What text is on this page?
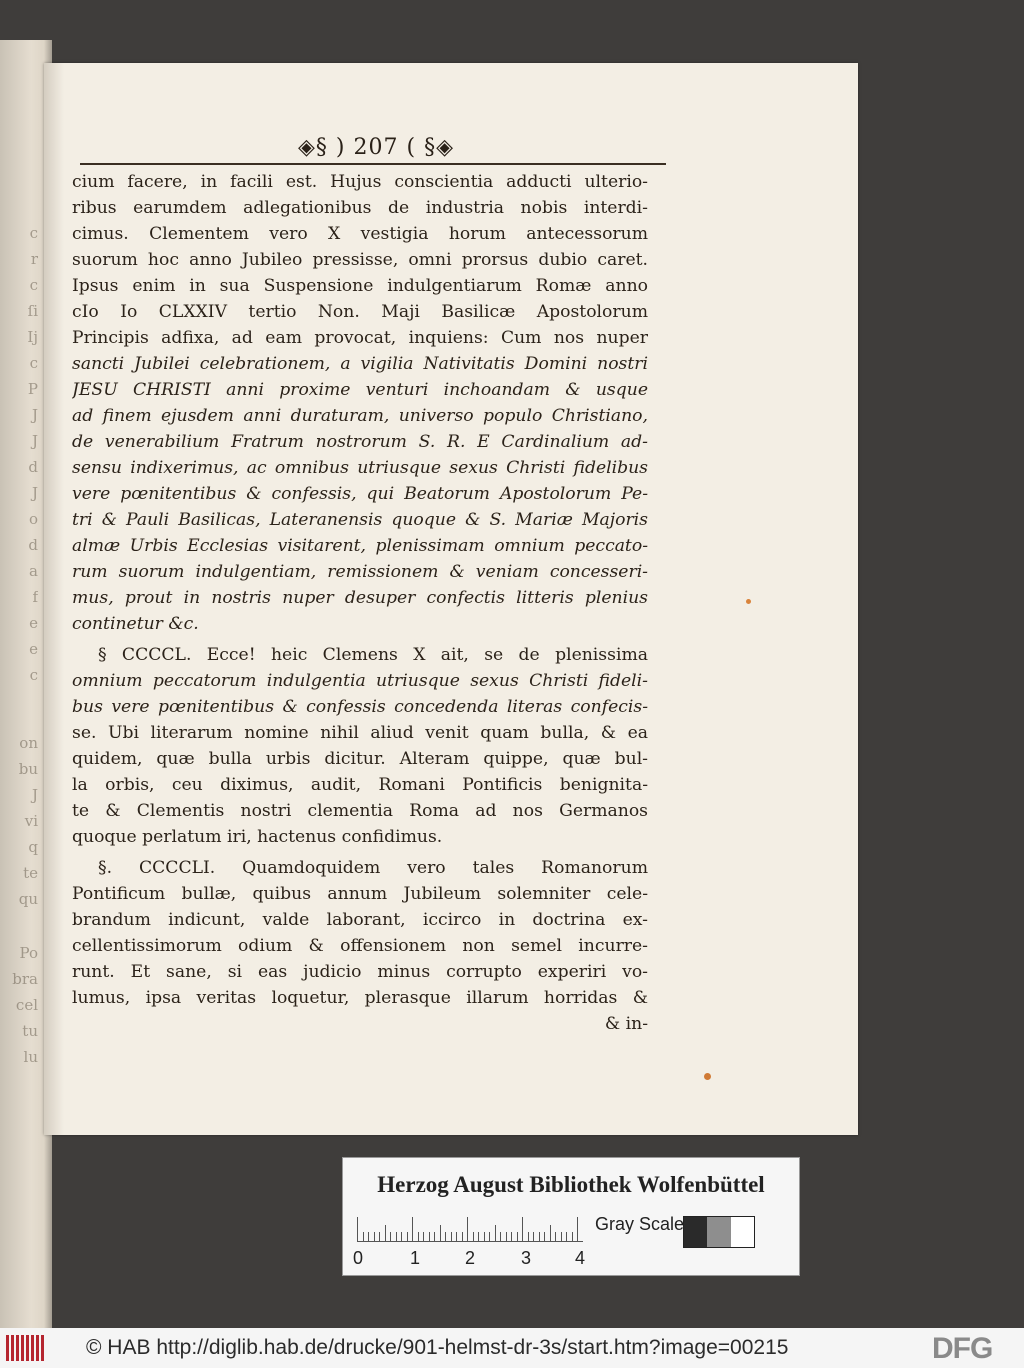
c
r
c
ſi
Ij
c
P
J
J
d
J
o
d
a
f
e
e
c
on
bu
J
vi
q
te
qu
Po
bra
cel
tu
lu
◈§ ) 207 ( §◈
cium facere, in facili est. Hujus conscientia adducti ulterio-
ribus earumdem adlegationibus de industria nobis interdi-
cimus. Clementem vero X vestigia horum antecessorum
suorum hoc anno Jubileo pressisse, omni prorsus dubio caret.
Ipsus enim in sua Suspensione indulgentiarum Romæ anno
cIo Io CLXXIV tertio Non. Maji Basilicæ Apostolorum
Principis adfixa, ad eam provocat, inquiens: Cum nos nuper
sancti Jubilei celebrationem, a vigilia Nativitatis Domini nostri
JESU CHRISTI anni proxime venturi inchoandam & usque
ad finem ejusdem anni duraturam, universo populo Christiano,
de venerabilium Fratrum nostrorum S. R. E Cardinalium ad-
sensu indixerimus, ac omnibus utriusque sexus Christi fidelibus
vere pœnitentibus & confessis, qui Beatorum Apostolorum Pe-
tri & Pauli Basilicas, Lateranensis quoque & S. Mariæ Majoris
almæ Urbis Ecclesias visitarent, plenissimam omnium peccato-
rum suorum indulgentiam, remissionem & veniam concesseri-
mus, prout in nostris nuper desuper confectis litteris plenius
continetur &c.
§ CCCCL. Ecce! heic Clemens X ait, se de plenissima
omnium peccatorum indulgentia utriusque sexus Christi fideli-
bus vere pœnitentibus & confessis concedenda literas confecis-
se. Ubi literarum nomine nihil aliud venit quam bulla, & ea
quidem, quæ bulla urbis dicitur. Alteram quippe, quæ bul-
la orbis, ceu diximus, audit, Romani Pontificis benignita-
te & Clementis nostri clementia Roma ad nos Germanos
quoque perlatum iri, hactenus confidimus.
§. CCCCLI. Quamdoquidem vero tales Romanorum
Pontificum bullæ, quibus annum Jubileum solemniter cele-
brandum indicunt, valde laborant, iccirco in doctrina ex-
cellentissimorum odium & offensionem non semel incurre-
runt. Et sane, si eas judicio minus corrupto experiri vo-
lumus, ipsa veritas loquetur, plerasque illarum horridas &
& in-
Herzog August Bibliothek Wolfenbüttel
0	1 2	3 4
Gray Scale
© HAB http://diglib.hab.de/drucke/901-helmst-dr-3s/start.htm?image=00215	DFG
